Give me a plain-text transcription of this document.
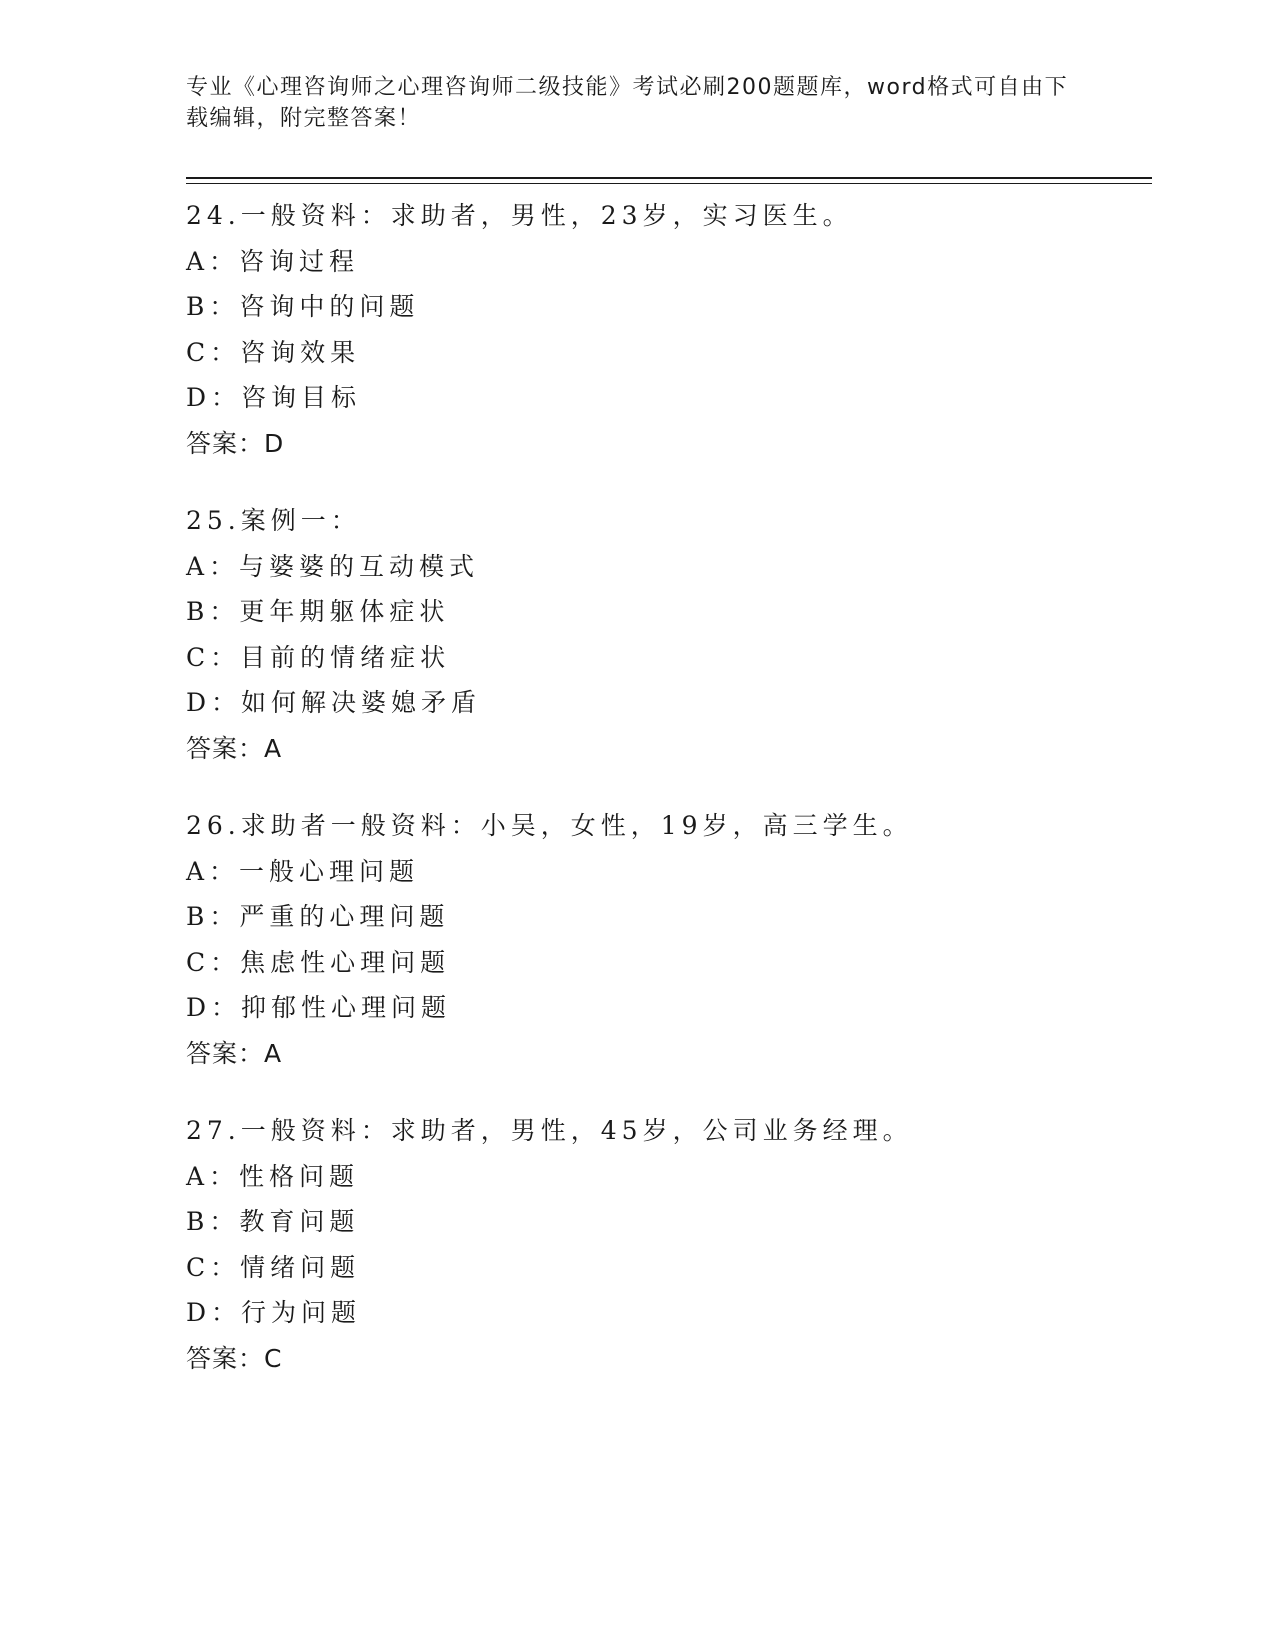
专业《心理咨询师之心理咨询师二级技能》考试必刷200题题库，word格式可自由下载编辑，附完整答案！
24.一般资料：求助者，男性，23岁，实习医生。
A：咨询过程
B：咨询中的问题
C：咨询效果
D：咨询目标
答案：D
25.案例一：
A：与婆婆的互动模式
B：更年期躯体症状
C：目前的情绪症状
D：如何解决婆媳矛盾
答案：A
26.求助者一般资料：小吴，女性，19岁，高三学生。
A：一般心理问题
B：严重的心理问题
C：焦虑性心理问题
D：抑郁性心理问题
答案：A
27.一般资料：求助者，男性，45岁，公司业务经理。
A：性格问题
B：教育问题
C：情绪问题
D：行为问题
答案：C
